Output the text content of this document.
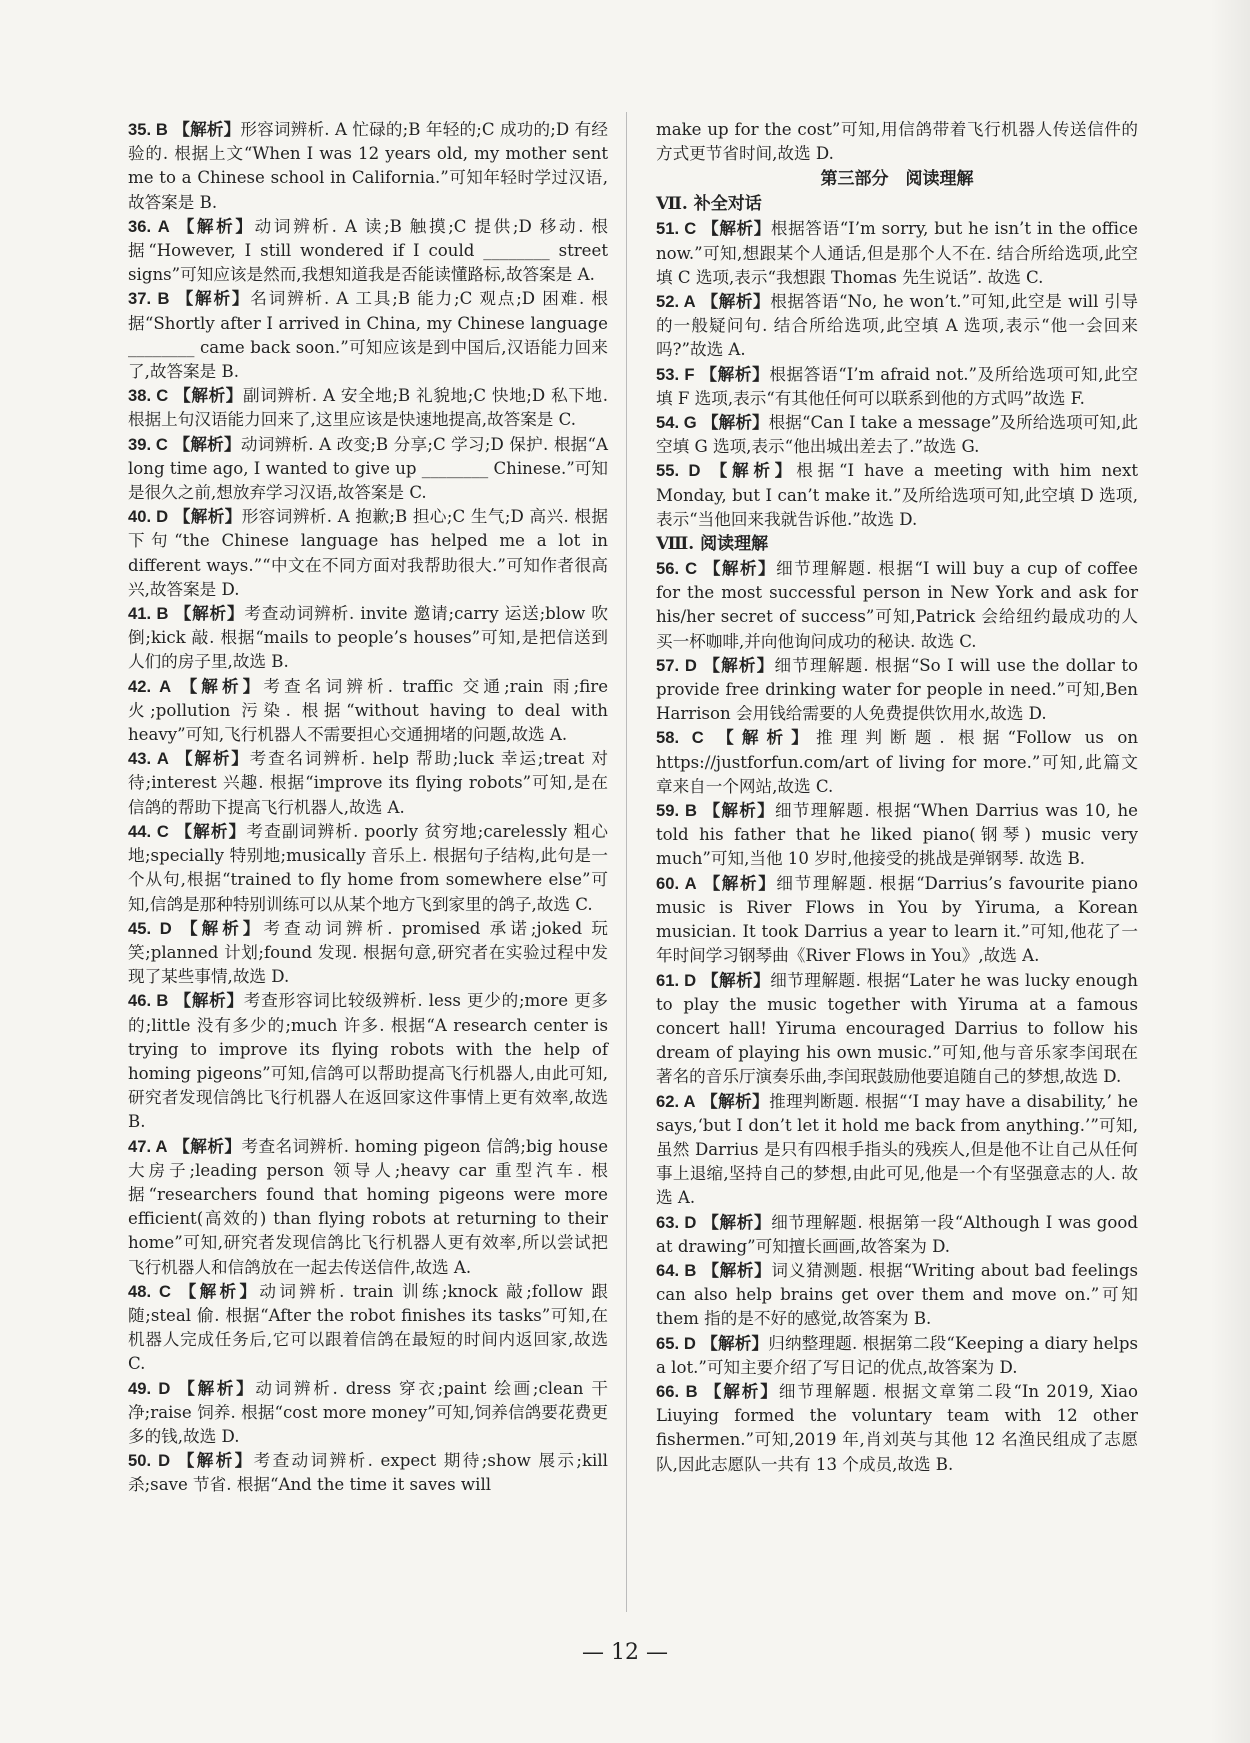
35. B 【解析】形容词辨析. A 忙碌的;B 年轻的;C 成功的;D 有经验的. 根据上文“When I was 12 years old, my mother sent me to a Chinese school in California.”可知年轻时学过汉语,故答案是 B.

36. A 【解析】动词辨析. A 读;B 触摸;C 提供;D 移动. 根据“However, I still wondered if I could ________ street signs”可知应该是然而,我想知道我是否能读懂路标,故答案是 A.

37. B 【解析】名词辨析. A 工具;B 能力;C 观点;D 困难. 根据“Shortly after I arrived in China, my Chinese language ________ came back soon.”可知应该是到中国后,汉语能力回来了,故答案是 B.

38. C 【解析】副词辨析. A 安全地;B 礼貌地;C 快地;D 私下地. 根据上句汉语能力回来了,这里应该是快速地提高,故答案是 C.

39. C 【解析】动词辨析. A 改变;B 分享;C 学习;D 保护. 根据“A long time ago, I wanted to give up ________ Chinese.”可知是很久之前,想放弃学习汉语,故答案是 C.

40. D 【解析】形容词辨析. A 抱歉;B 担心;C 生气;D 高兴. 根据下句“the Chinese language has helped me a lot in different ways.”“中文在不同方面对我帮助很大.”可知作者很高兴,故答案是 D.

41. B 【解析】考查动词辨析. invite 邀请;carry 运送;blow 吹倒;kick 敲. 根据“mails to people’s houses”可知,是把信送到人们的房子里,故选 B.

42. A 【解析】考查名词辨析. traffic 交通;rain 雨;fire 火;pollution 污染. 根据“without having to deal with heavy”可知,飞行机器人不需要担心交通拥堵的问题,故选 A.

43. A 【解析】考查名词辨析. help 帮助;luck 幸运;treat 对待;interest 兴趣. 根据“improve its flying robots”可知,是在信鸽的帮助下提高飞行机器人,故选 A.

44. C 【解析】考查副词辨析. poorly 贫穷地;carelessly 粗心地;specially 特别地;musically 音乐上. 根据句子结构,此句是一个从句,根据“trained to fly home from somewhere else”可知,信鸽是那种特别训练可以从某个地方飞到家里的鸽子,故选 C.

45. D 【解析】考查动词辨析. promised 承诺;joked 玩笑;planned 计划;found 发现. 根据句意,研究者在实验过程中发现了某些事情,故选 D.

46. B 【解析】考查形容词比较级辨析. less 更少的;more 更多的;little 没有多少的;much 许多. 根据“A research center is trying to improve its flying robots with the help of homing pigeons”可知,信鸽可以帮助提高飞行机器人,由此可知,研究者发现信鸽比飞行机器人在返回家这件事情上更有效率,故选 B.

47. A 【解析】考查名词辨析. homing pigeon 信鸽;big house 大房子;leading person 领导人;heavy car 重型汽车. 根据“researchers found that homing pigeons were more efficient(高效的) than flying robots at returning to their home”可知,研究者发现信鸽比飞行机器人更有效率,所以尝试把飞行机器人和信鸽放在一起去传送信件,故选 A.

48. C 【解析】动词辨析. train 训练;knock 敲;follow 跟随;steal 偷. 根据“After the robot finishes its tasks”可知,在机器人完成任务后,它可以跟着信鸽在最短的时间内返回家,故选 C.

49. D 【解析】动词辨析. dress 穿衣;paint 绘画;clean 干净;raise 饲养. 根据“cost more money”可知,饲养信鸽要花费更多的钱,故选 D.

50. D 【解析】考查动词辨析. expect 期待;show 展示;kill 杀;save 节省. 根据“And the time it saves will

make up for the cost”可知,用信鸽带着飞行机器人传送信件的方式更节省时间,故选 D.

第三部分　阅读理解

Ⅶ. 补全对话

51. C 【解析】根据答语“I’m sorry, but he isn’t in the office now.”可知,想跟某个人通话,但是那个人不在. 结合所给选项,此空填 C 选项,表示“我想跟 Thomas 先生说话”. 故选 C.

52. A 【解析】根据答语“No, he won’t.”可知,此空是 will 引导的一般疑问句. 结合所给选项,此空填 A 选项,表示“他一会回来吗?”故选 A.

53. F 【解析】根据答语“I’m afraid not.”及所给选项可知,此空填 F 选项,表示“有其他任何可以联系到他的方式吗”故选 F.

54. G 【解析】根据“Can I take a message”及所给选项可知,此空填 G 选项,表示“他出城出差去了.”故选 G.

55. D 【解析】根据“I have a meeting with him next Monday, but I can’t make it.”及所给选项可知,此空填 D 选项,表示“当他回来我就告诉他.”故选 D.

Ⅷ. 阅读理解

56. C 【解析】细节理解题. 根据“I will buy a cup of coffee for the most successful person in New York and ask for his/her secret of success”可知,Patrick 会给纽约最成功的人买一杯咖啡,并向他询问成功的秘诀. 故选 C.

57. D 【解析】细节理解题. 根据“So I will use the dollar to provide free drinking water for people in need.”可知,Ben Harrison 会用钱给需要的人免费提供饮用水,故选 D.

58. C 【解析】推理判断题. 根据“Follow us on https://justforfun.com/art of living for more.”可知,此篇文章来自一个网站,故选 C.

59. B 【解析】细节理解题. 根据“When Darrius was 10, he told his father that he liked piano(钢琴) music very much”可知,当他 10 岁时,他接受的挑战是弹钢琴. 故选 B.

60. A 【解析】细节理解题. 根据“Darrius’s favourite piano music is River Flows in You by Yiruma, a Korean musician. It took Darrius a year to learn it.”可知,他花了一年时间学习钢琴曲《River Flows in You》,故选 A.

61. D 【解析】细节理解题. 根据“Later he was lucky enough to play the music together with Yiruma at a famous concert hall! Yiruma encouraged Darrius to follow his dream of playing his own music.”可知,他与音乐家李闰珉在著名的音乐厅演奏乐曲,李闰珉鼓励他要追随自己的梦想,故选 D.

62. A 【解析】推理判断题. 根据“‘I may have a disability,’ he says,‘but I don’t let it hold me back from anything.’”可知,虽然 Darrius 是只有四根手指头的残疾人,但是他不让自己从任何事上退缩,坚持自己的梦想,由此可见,他是一个有坚强意志的人. 故选 A.

63. D 【解析】细节理解题. 根据第一段“Although I was good at drawing”可知擅长画画,故答案为 D.

64. B 【解析】词义猜测题. 根据“Writing about bad feelings can also help brains get over them and move on.”可知 them 指的是不好的感觉,故答案为 B.

65. D 【解析】归纳整理题. 根据第二段“Keeping a diary helps a lot.”可知主要介绍了写日记的优点,故答案为 D.

66. B 【解析】细节理解题. 根据文章第二段“In 2019, Xiao Liuying formed the voluntary team with 12 other fishermen.”可知,2019 年,肖刘英与其他 12 名渔民组成了志愿队,因此志愿队一共有 13 个成员,故选 B.

— 12 —
